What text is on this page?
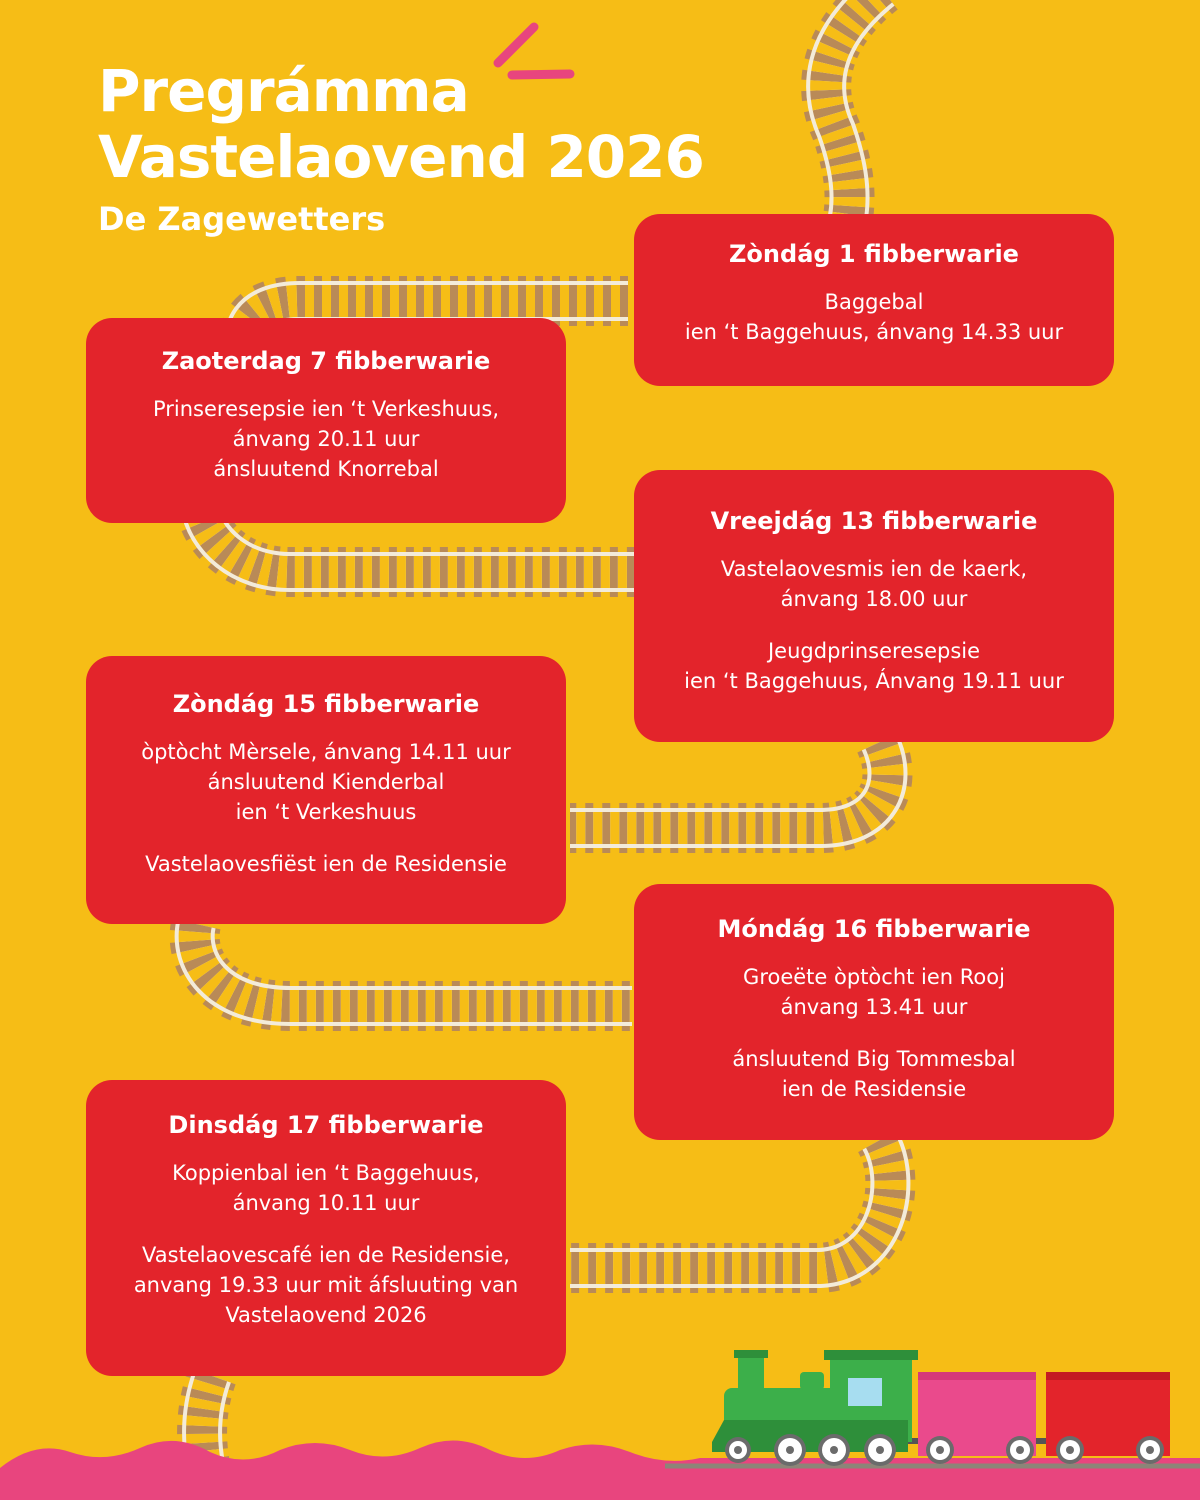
Pregrámma
Vastelaovend 2026
De Zagewetters
Zòndág 1 fibberwarie
Baggebal
ien ‘t Baggehuus, ánvang 14.33 uur
Zaoterdag 7 fibberwarie
Prinseresepsie ien ‘t Verkeshuus,
ánvang 20.11 uur
ánsluutend Knorrebal
Vreejdág 13 fibberwarie
Vastelaovesmis ien de kaerk,
ánvang 18.00 uur
Jeugdprinseresepsie
ien ‘t Baggehuus, Ánvang 19.11 uur
Zòndág 15 fibberwarie
òptòcht Mèrsele, ánvang 14.11 uur
ánsluutend Kienderbal
ien ‘t Verkeshuus
Vastelaovesfiëst ien de Residensie
Móndág 16 fibberwarie
Groeëte òptòcht ien Rooj
ánvang 13.41 uur
ánsluutend Big Tommesbal
ien de Residensie
Dinsdág 17 fibberwarie
Koppienbal ien ‘t Baggehuus,
ánvang 10.11 uur
Vastelaovescafé ien de Residensie,
anvang 19.33 uur mit áfsluuting van
Vastelaovend 2026
